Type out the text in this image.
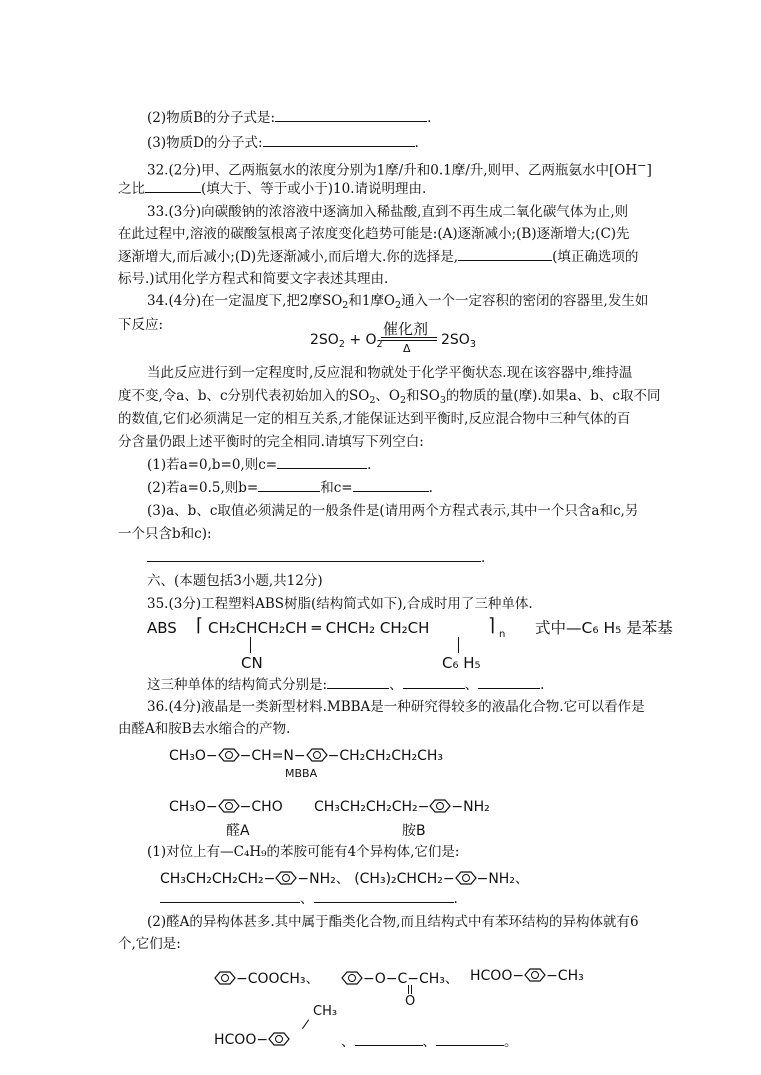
(2)物质B的分子式是:	.
(3)物质D的分子式:	.
32.(2分)甲、乙两瓶氨水的浓度分别为1摩/升和0.1摩/升,则甲、乙两瓶氨水中[OH−]
之比	(填大于、等于或小于)10.请说明理由.
33.(3分)向碳酸钠的浓溶液中逐滴加入稀盐酸,直到不再生成二氧化碳气体为止,则
在此过程中,溶液的碳酸氢根离子浓度变化趋势可能是:(A)逐渐减小;(B)逐渐增大;(C)先
逐渐增大,而后减小;(D)先逐渐减小,而后增大.你的选择是,	(填正确选项的
标号.)试用化学方程式和简要文字表述其理由.
34.(4分)在一定温度下,把2摩$SO_2$和1摩$O_2$通入一个一定容积的密闭的容器里,发生如
下反应:
$2SO_2 + O_2$
催化剂
Δ
$2SO_3$
当此反应进行到一定程度时,反应混和物就处于化学平衡状态.现在该容器中,维持温
度不变,令a、b、c分别代表初始加入的$SO_2$、$O_2$和$SO_3$的物质的量(摩).如果a、b、c取不同
的数值,它们必须满足一定的相互关系,才能保证达到平衡时,反应混合物中三种气体的百
分含量仍跟上述平衡时的完全相同.请填写下列空白:
(1)若a=0,b=0,则c=	.
(2)若a=0.5,则b=	和c=	.
(3)a、b、c取值必须满足的一般条件是(请用两个方程式表示,其中一个只含a和c,另
一个只含b和c):
.
六、(本题包括3小题,共12分)
35.(3分)工程塑料ABS树脂(结构简式如下),合成时用了三种单体.
ABS ⌈ CH₂CHCH₂CH ═ CHCH₂ CH₂CH	⌉ n 式中—C₆ H₅ 是苯基
CN	C₆ H₅
这三种单体的结构简式分别是:	、	、	.
36.(4分)液晶是一类新型材料.MBBA是一种研究得较多的液晶化合物.它可以看作是
由醛A和胺B去水缩合的产物.
CH₃O− −CH=N− −CH₂CH₂CH₂CH₃
MBBA
CH₃O− −CHO
醛A
CH₃CH₂CH₂CH₂− −NH₂
胺B
(1)对位上有—C₄H₉的苯胺可能有4个异构体,它们是:
CH₃CH₂CH₂CH₂− −NH₂、 (CH₃)₂CHCH₂− −NH₂、
、	.
(2)醛A的异构体甚多.其中属于酯类化合物,而且结构式中有苯环结构的异构体就有6
个,它们是:
−COOCH₃、	−O−C−CH₃、
O
HCOO− −CH₃
CH₃
HCOO−	、	、	。
